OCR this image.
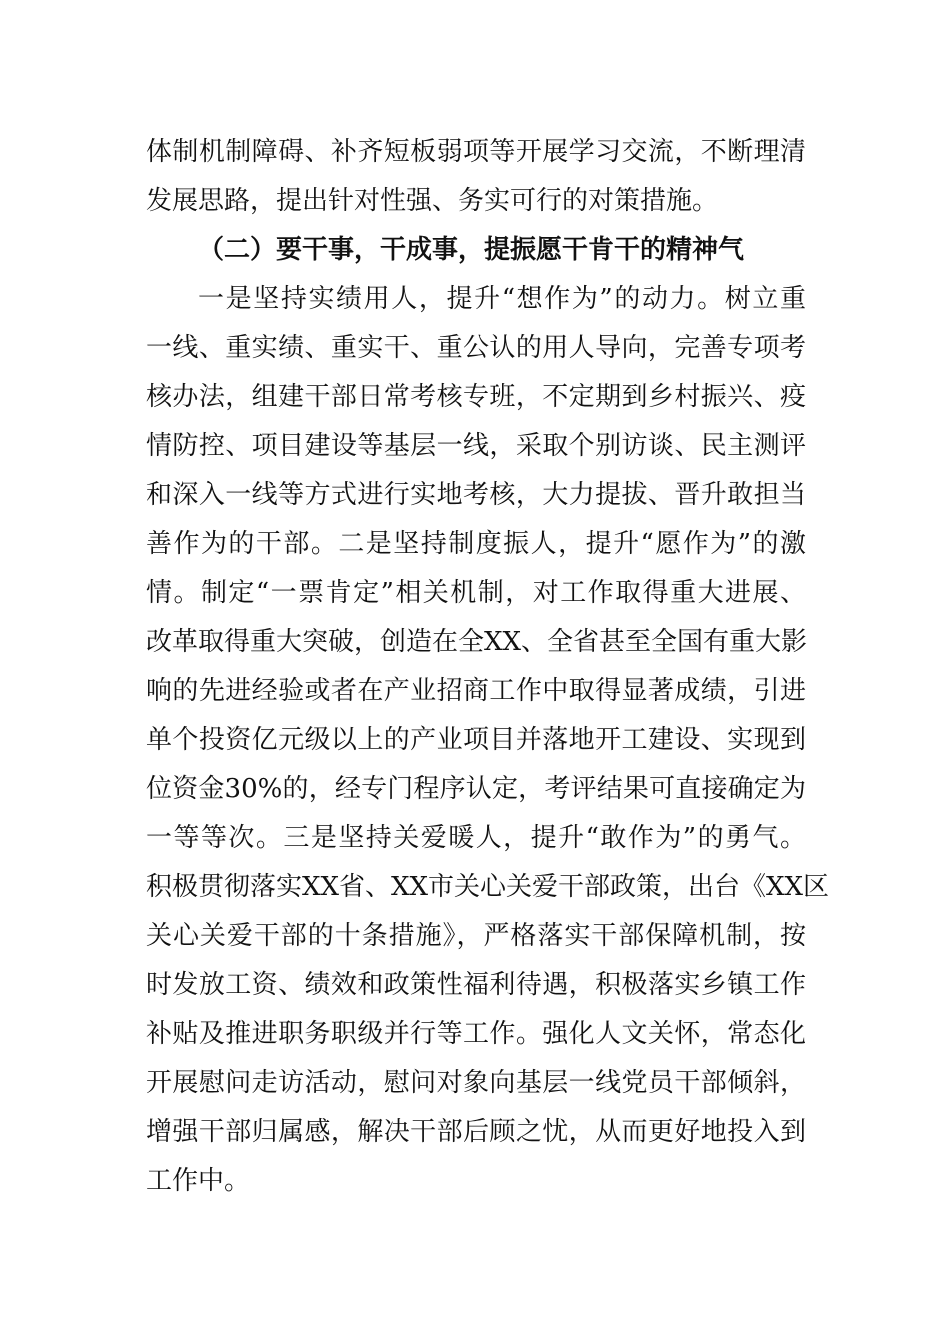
体制机制障碍、补齐短板弱项等开展学习交流，不断理清
发展思路，提出针对性强、务实可行的对策措施。
（二）要干事，干成事，提振愿干肯干的精神气
一是坚持实绩用人，提升“想作为”的动力。树立重
一线、重实绩、重实干、重公认的用人导向，完善专项考
核办法，组建干部日常考核专班，不定期到乡村振兴、疫
情防控、项目建设等基层一线，采取个别访谈、民主测评
和深入一线等方式进行实地考核，大力提拔、晋升敢担当
善作为的干部。二是坚持制度振人，提升“愿作为”的激
情。制定“一票肯定”相关机制，对工作取得重大进展、
改革取得重大突破，创造在全XX、全省甚至全国有重大影
响的先进经验或者在产业招商工作中取得显著成绩，引进
单个投资亿元级以上的产业项目并落地开工建设、实现到
位资金30%的，经专门程序认定，考评结果可直接确定为
一等等次。三是坚持关爱暖人，提升“敢作为”的勇气。
积极贯彻落实XX省、XX市关心关爱干部政策，出台《XX区
关心关爱干部的十条措施》，严格落实干部保障机制，按
时发放工资、绩效和政策性福利待遇，积极落实乡镇工作
补贴及推进职务职级并行等工作。强化人文关怀，常态化
开展慰问走访活动，慰问对象向基层一线党员干部倾斜，
增强干部归属感，解决干部后顾之忧，从而更好地投入到
工作中。
